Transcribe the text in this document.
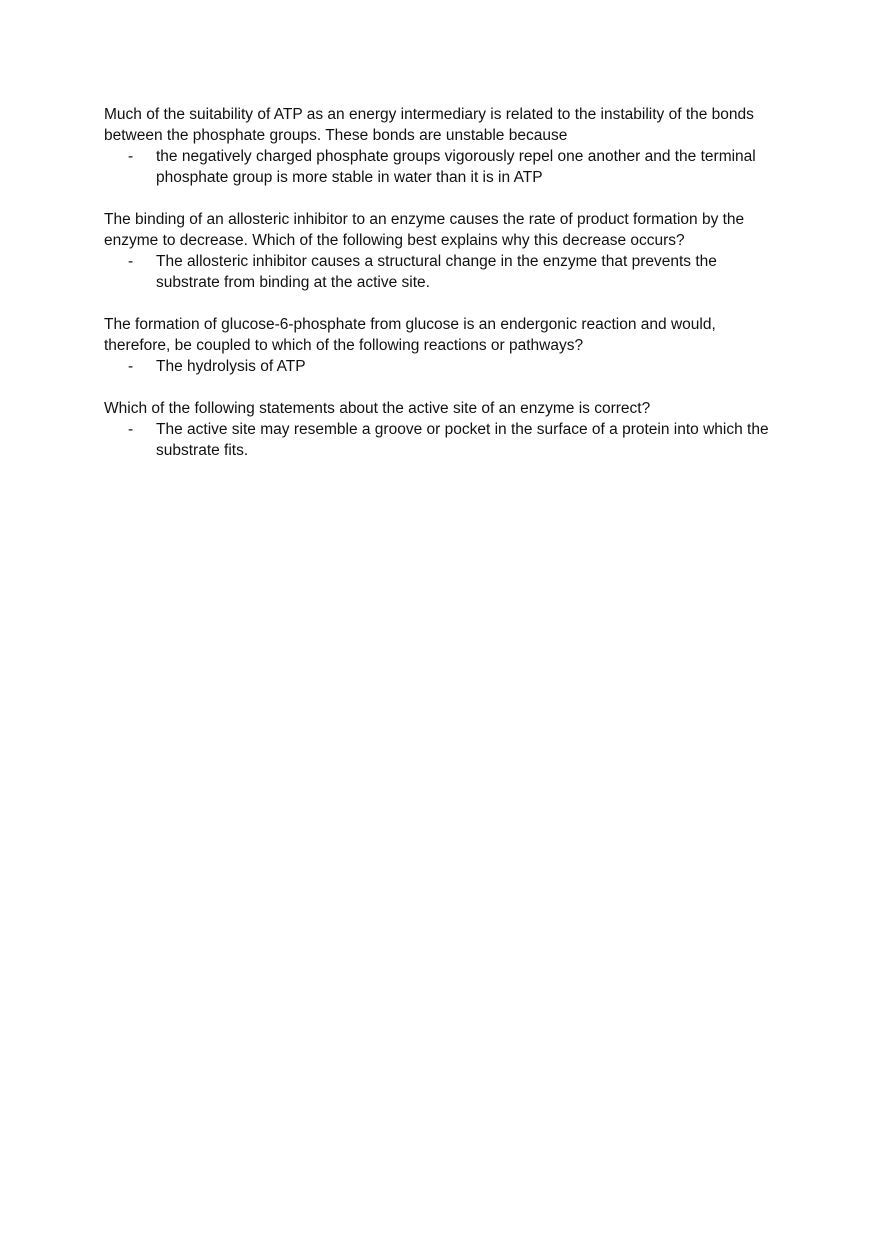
Much of the suitability of ATP as an energy intermediary is related to the instability of the bonds between the phosphate groups. These bonds are unstable because

- the negatively charged phosphate groups vigorously repel one another and the terminal phosphate group is more stable in water than it is in ATP

The binding of an allosteric inhibitor to an enzyme causes the rate of product formation by the enzyme to decrease. Which of the following best explains why this decrease occurs?

- The allosteric inhibitor causes a structural change in the enzyme that prevents the substrate from binding at the active site.

The formation of glucose-6-phosphate from glucose is an endergonic reaction and would, therefore, be coupled to which of the following reactions or pathways?

- The hydrolysis of ATP

Which of the following statements about the active site of an enzyme is correct?

- The active site may resemble a groove or pocket in the surface of a protein into which the substrate fits.
